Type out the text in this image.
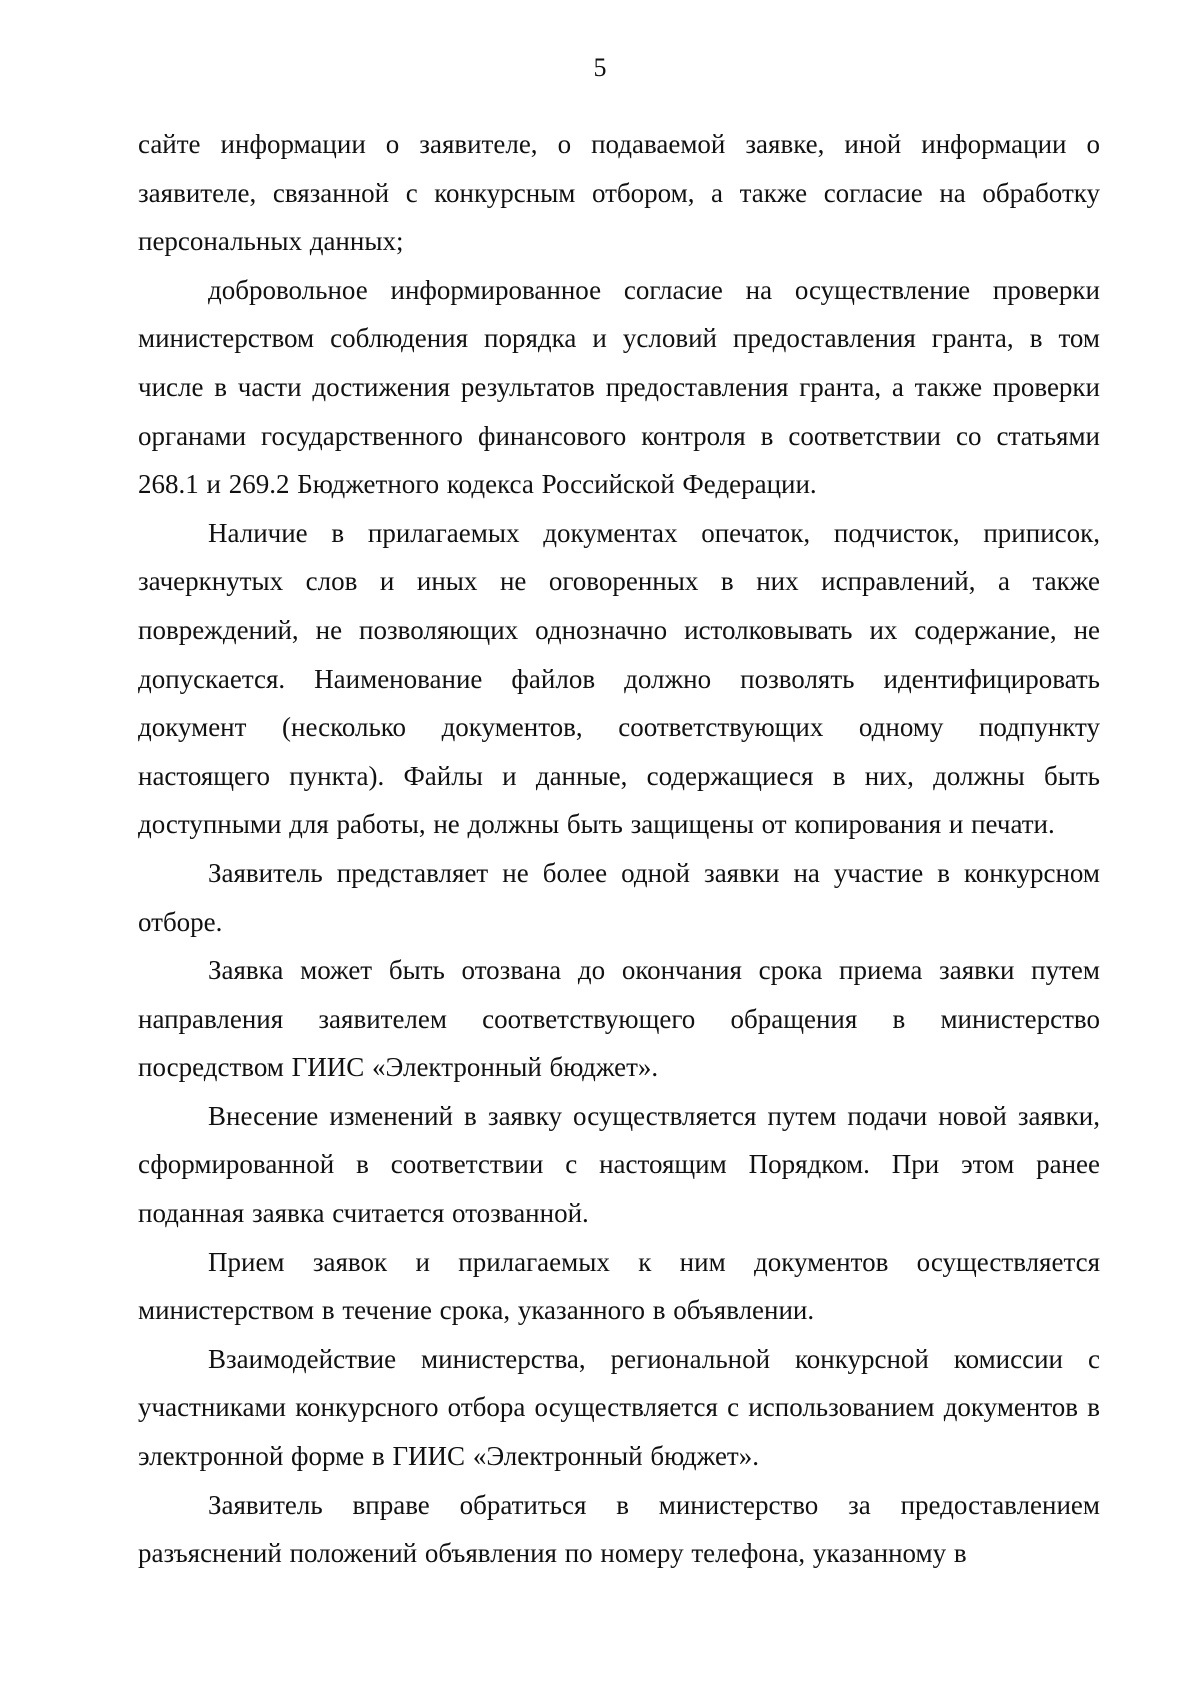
5

сайте информации о заявителе, о подаваемой заявке, иной информации о заявителе, связанной с конкурсным отбором, а также согласие на обработку персональных данных;

добровольное информированное согласие на осуществление проверки министерством соблюдения порядка и условий предоставления гранта, в том числе в части достижения результатов предоставления гранта, а также проверки органами государственного финансового контроля в соответствии со статьями 268.1 и 269.2 Бюджетного кодекса Российской Федерации.

Наличие в прилагаемых документах опечаток, подчисток, приписок, зачеркнутых слов и иных не оговоренных в них исправлений, а также повреждений, не позволяющих однозначно истолковывать их содержание, не допускается. Наименование файлов должно позволять идентифицировать документ (несколько документов, соответствующих одному подпункту настоящего пункта). Файлы и данные, содержащиеся в них, должны быть доступными для работы, не должны быть защищены от копирования и печати.

Заявитель представляет не более одной заявки на участие в конкурсном отборе.

Заявка может быть отозвана до окончания срока приема заявки путем направления заявителем соответствующего обращения в министерство посредством ГИИС «Электронный бюджет».

Внесение изменений в заявку осуществляется путем подачи новой заявки, сформированной в соответствии с настоящим Порядком. При этом ранее поданная заявка считается отозванной.

Прием заявок и прилагаемых к ним документов осуществляется министерством в течение срока, указанного в объявлении.

Взаимодействие министерства, региональной конкурсной комиссии с участниками конкурсного отбора осуществляется с использованием документов в электронной форме в ГИИС «Электронный бюджет».

Заявитель вправе обратиться в министерство за предоставлением разъяснений положений объявления по номеру телефона, указанному в
